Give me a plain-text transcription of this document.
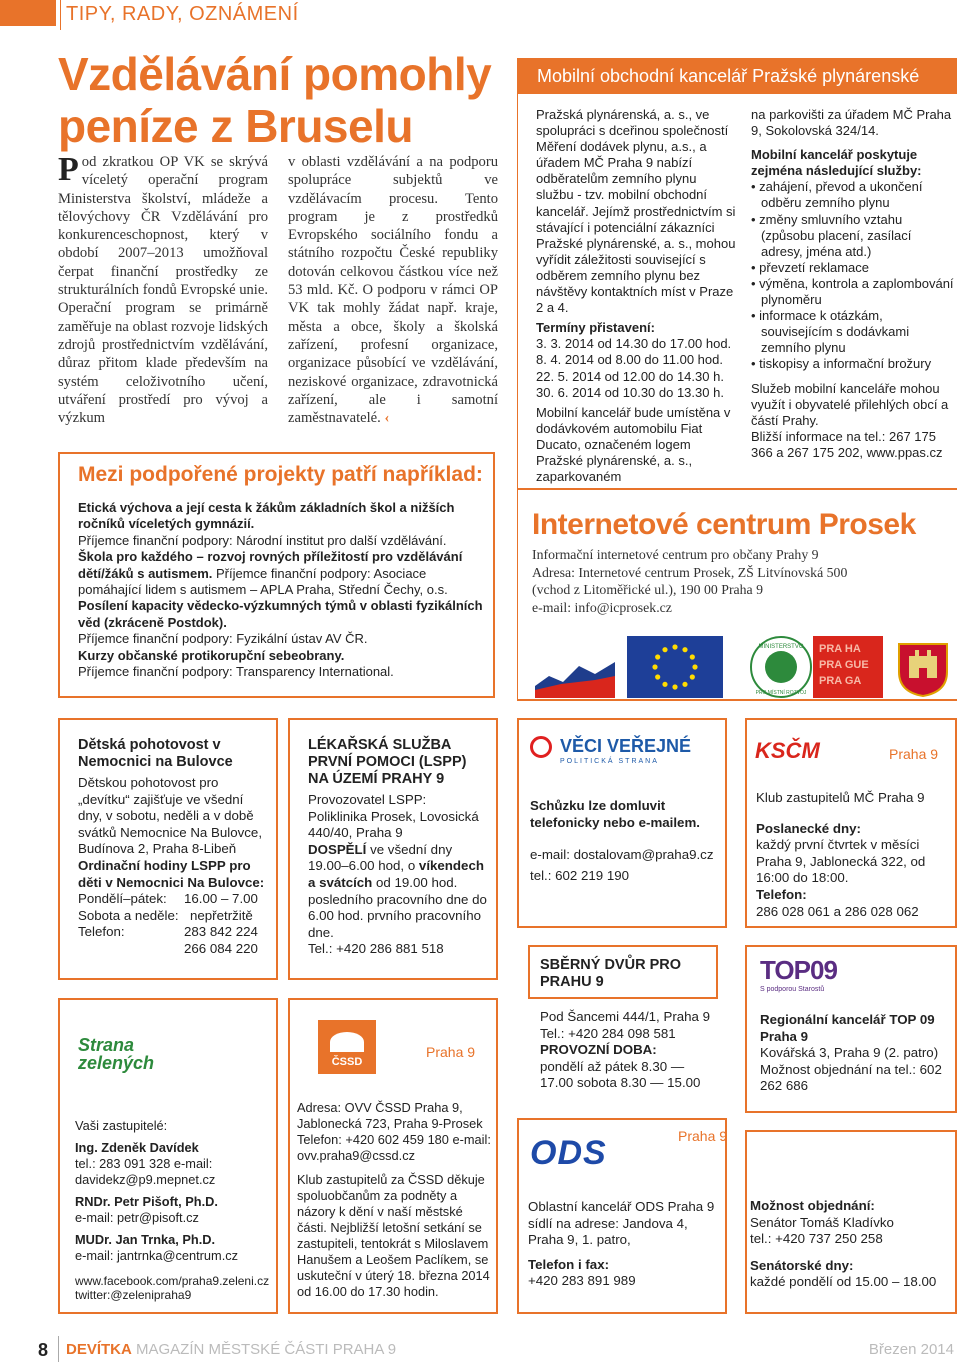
TIPY, RADY, OZNÁMENÍ
Vzdělávání pomohly
peníze z Bruselu
Pod zkratkou OP VK se skrývá víceletý operační program Ministerstva školství, mládeže a tělovýchovy ČR Vzdělávání pro konkurenceschopnost, který v období 2007–2013 umožňoval čerpat finanční prostředky ze strukturálních fondů Evropské unie. Operační program se primárně zaměřuje na oblast rozvoje lidských zdrojů prostřednictvím vzdělávání, důraz přitom klade především na systém celoživotního učení, utváření prostředí pro vývoj a výzkum
v oblasti vzdělávání a na podporu spolupráce subjektů ve vzdělávacím procesu. Tento program je z prostředků Evropského sociálního fondu a státního rozpočtu České republiky dotován celkovou částkou více než 53 mld. Kč. O podporu v rámci OP VK tak mohly žádat např. kraje, města a obce, školy a školská zařízení, profesní organizace, organizace působící ve vzdělávání, neziskové organizace, zdravotnická zařízení, ale i samotní zaměstnavatelé. ‹
Mezi podpořené projekty patří například:
Etická výchova a její cesta k žákům základních škol a nižších ročníků víceletých gymnázií.
Příjemce finanční podpory: Národní institut pro další vzdělávání.
Škola pro každého – rozvoj rovných příležitostí pro vzdělávání dětí/žáků s autismem. Příjemce finanční podpory: Asociace pomáhající lidem s autismem – APLA Praha, Střední Čechy, o.s.
Posílení kapacity vědecko-výzkumných týmů v oblasti fyzikálních věd (zkráceně Postdok).
Příjemce finanční podpory: Fyzikální ústav AV ČR.
Kurzy občanské protikorupční sebeobrany.
Příjemce finanční podpory: Transparency International.
Mobilní obchodní kancelář Pražské plynárenské
Pražská plynárenská, a. s., ve spolupráci s dceřinou společností Měření dodávek plynu, a.s., a úřadem MČ Praha 9 nabízí odběratelům zemního plynu službu - tzv. mobilní obchodní kancelář. Jejímž prostřednictvím si stávající i potenciální zákazníci Pražské plynárenské, a. s., mohou vyřídit záležitosti související s odběrem zemního plynu bez návštěvy kontaktních míst v Praze 2 a 4.
Termíny přistavení:
3. 3. 2014 od 14.30 do 17.00 hod.
8. 4. 2014 od 8.00 do 11.00 hod.
22. 5. 2014 od 12.00 do 14.30 h.
30. 6. 2014 od 10.30 do 13.30 h.
Mobilní kancelář bude umístěna v dodávkovém automobilu Fiat Ducato, označeném logem Pražské plynárenské, a. s., zaparkovaném
na parkovišti za úřadem MČ Praha 9, Sokolovská 324/14.
Mobilní kancelář poskytuje zejména následující služby:
• zahájení, převod a ukončení odběru zemního plynu
• změny smluvního vztahu (způsobu placení, zasílací adresy, jména atd.)
• převzetí reklamace
• výměna, kontrola a zaplombování plynoměru
• informace k otázkám, souvisejícím s dodávkami zemního plynu
• tiskopisy a informační brožury
Služeb mobilní kanceláře mohou využít i obyvatelé přilehlých obcí a částí Prahy.
Bližší informace na tel.: 267 175 366 a 267 175 202, www.ppas.cz
Internetové centrum Prosek
Informační internetové centrum pro občany Prahy 9
Adresa: Internetové centrum Prosek, ZŠ Litvínovská 500
(vchod z Litoměřické ul.), 190 00 Praha 9
e-mail: info@icprosek.cz
MINISTERSTVO
PRO MÍSTNÍ ROZVOJ
PRA HA
PRA GUE
PRA GA
Dětská pohotovost v Nemocnici na Bulovce
Dětskou pohotovost pro „devítku“ zajišťuje ve všední dny, v sobotu, neděli a v době svátků Nemocnice Na Bulovce, Budínova 2, Praha 8-Libeň
Ordinační hodiny LSPP pro děti v Nemocnici Na Bulovce:
Pondělí–pátek:	16.00 – 7.00
Sobota a neděle: nepřetržitě
Telefon:	283 842 224
266 084 220
LÉKAŘSKÁ SLUŽBA PRVNÍ POMOCI (LSPP) NA ÚZEMÍ PRAHY 9
Provozovatel LSPP: Poliklinika Prosek, Lovosická 440/40, Praha 9
DOSPĚLÍ ve všední dny
19.00–6.00 hod, o víkendech a svátcích od 19.00 hod. posledního pracovního dne do 6.00 hod. prvního pracovního dne.
Tel.: +420 286 881 518
VĚCI VEŘEJNÉ
POLITICKÁ STRANA
Schůzku lze domluvit telefonicky nebo e-mailem.
e-mail: dostalovam@praha9.cz
tel.: 602 219 190
KSČM	Praha 9
Klub zastupitelů MČ Praha 9
Poslanecké dny:
každý první čtvrtek v měsíci Praha 9, Jablonecká 322, od 16:00 do 18:00.
Telefon:
286 028 061 a 286 028 062
SBĚRNÝ DVŮR PRO PRAHU 9
Pod Šancemi 444/1, Praha 9
Tel.: +420 284 098 581
PROVOZNÍ DOBA:
pondělí až pátek 8.30 — 17.00 sobota 8.30 — 15.00
TOP09
S podporou Starostů
Regionální kancelář TOP 09 Praha 9
Kovářská 3, Praha 9 (2. patro)
Možnost objednání na tel.: 602 262 686
Strana zelených
Vaši zastupitelé:
Ing. Zdeněk Davídek
tel.: 283 091 328 e-mail: davidekz@p9.mepnet.cz
RNDr. Petr Pišoft, Ph.D.
e-mail: petr@pisoft.cz
MUDr. Jan Trnka, Ph.D.
e-mail: jantrnka@centrum.cz
www.facebook.com/praha9.zeleni.cz twitter:@zelenipraha9
ČSSD
Praha 9
Adresa: OVV ČSSD Praha 9, Jablonecká 723, Praha 9-Prosek Telefon: +420 602 459 180 e-mail: ovv.praha9@cssd.cz
Klub zastupitelů za ČSSD děkuje spoluobčanům za podněty a názory k dění v naší městské části. Nejbližší letošní setkání se zastupiteli, tentokrát s Miloslavem Hanušem a Leošem Paclíkem, se uskuteční v úterý 18. března 2014 od 16.00 do 17.30 hodin.
ODS	Praha 9
Oblastní kancelář ODS Praha 9 sídlí na adrese: Jandova 4, Praha 9, 1. patro,
Telefon i fax:
+420 283 891 989
Možnost objednání:
Senátor Tomáš Kladívko
tel.: +420 737 250 258
Senátorské dny:
každé pondělí od 15.00 – 18.00
8 DEVÍTKA MAGAZÍN MĚSTSKÉ ČÁSTI PRAHA 9	Březen 2014
